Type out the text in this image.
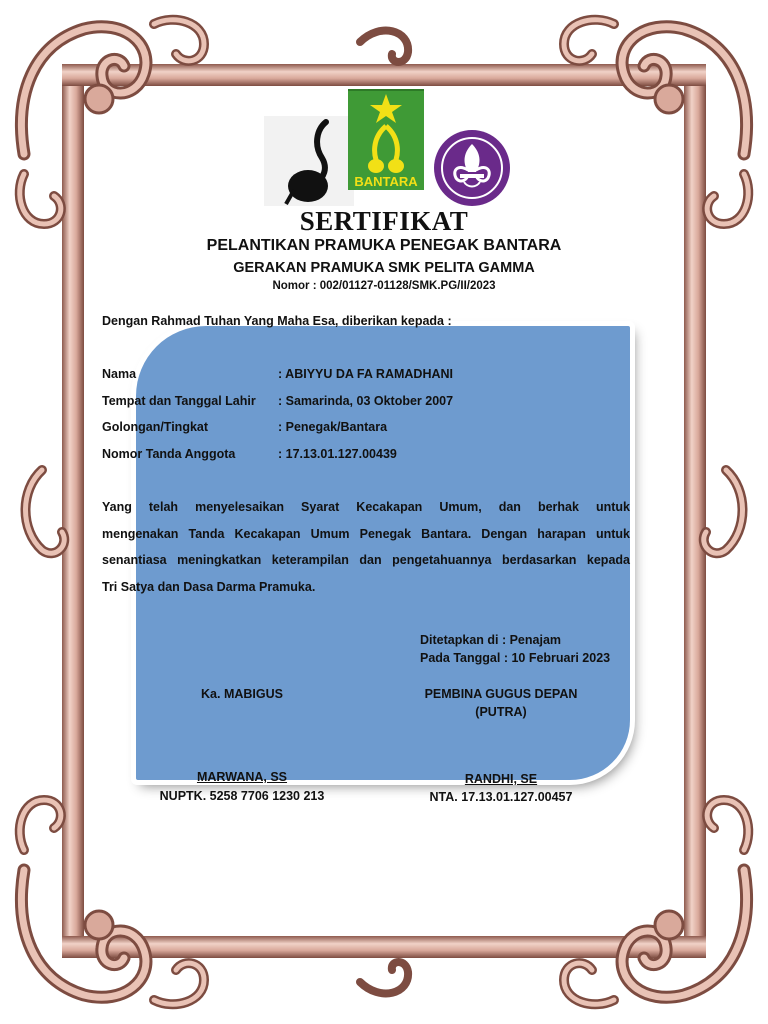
BANTARA
SERTIFIKAT
PELANTIKAN PRAMUKA PENEGAK BANTARA
GERAKAN PRAMUKA SMK PELITA GAMMA
Nomor : 002/01127-01128/SMK.PG/II/2023
Dengan Rahmad Tuhan Yang Maha Esa, diberikan kepada :
Nama	: ABIYYU DA FA RAMADHANI
Tempat dan Tanggal Lahir : Samarinda, 03 Oktober 2007
Golongan/Tingkat	: Penegak/Bantara
Nomor Tanda Anggota	: 17.13.01.127.00439
Yang telah menyelesaikan Syarat Kecakapan Umum, dan berhak untuk
mengenakan Tanda Kecakapan Umum Penegak Bantara. Dengan harapan untuk
senantiasa meningkatkan keterampilan dan pengetahuannya berdasarkan kepada
Tri Satya dan Dasa Darma Pramuka.
Ditetapkan di : Penajam
Pada Tanggal : 10 Februari 2023
Ka. MABIGUS	PEMBINA GUGUS DEPAN
(PUTRA)
MARWANA, SS
NUPTK. 5258 7706 1230 213
RANDHI, SE
NTA. 17.13.01.127.00457
